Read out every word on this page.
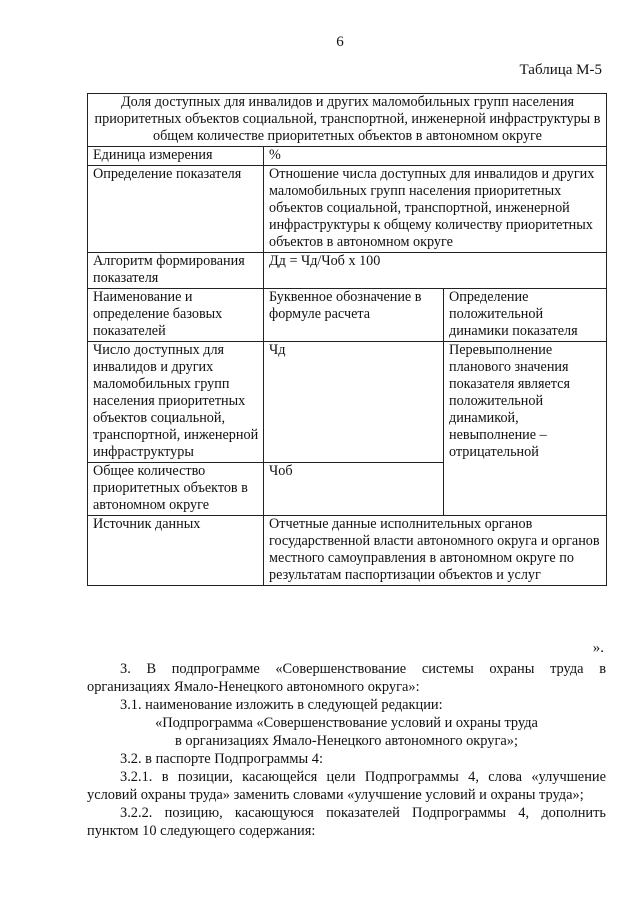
6
Таблица М-5
Доля доступных для инвалидов и других маломобильных групп населения приоритетных объектов социальной, транспортной, инженерной инфраструктуры в общем количестве приоритетных объектов в автономном округе		
Единица измерения	%	
Определение показателя	Отношение числа доступных для инвалидов и других маломобильных групп населения приоритетных объектов социальной, транспортной, инженерной инфраструктуры к общему количеству приоритетных объектов в автономном округе	
Алгоритм формирования показателя	Дд = Чд/Чоб х 100	
Наименование и определение базовых показателей	Буквенное обозначение в формуле расчета	Определение положительной динамики показателя
Число доступных для инвалидов и других маломобильных групп населения приоритетных объектов социальной, транспортной, инженерной инфраструктуры	Чд	Перевыполнение планового значения показателя является положительной динамикой, невыполнение – отрицательной
Общее количество приоритетных объектов в автономном округе	Чоб	
Источник данных	Отчетные данные исполнительных органов государственной власти автономного округа и органов местного самоуправления в автономном округе по результатам паспортизации объектов и услуг	
».

3. В подпрограмме «Совершенствование системы охраны труда в организациях Ямало-Ненецкого автономного округа»:

3.1. наименование изложить в следующей редакции:

«Подпрограмма «Совершенствование условий и охраны труда

в организациях Ямало-Ненецкого автономного округа»;

3.2. в паспорте Подпрограммы 4:

3.2.1. в позиции, касающейся цели Подпрограммы 4, слова «улучшение условий охраны труда» заменить словами «улучшение условий и охраны труда»;

3.2.2. позицию, касающуюся показателей Подпрограммы 4, дополнить пунктом 10 следующего содержания:
